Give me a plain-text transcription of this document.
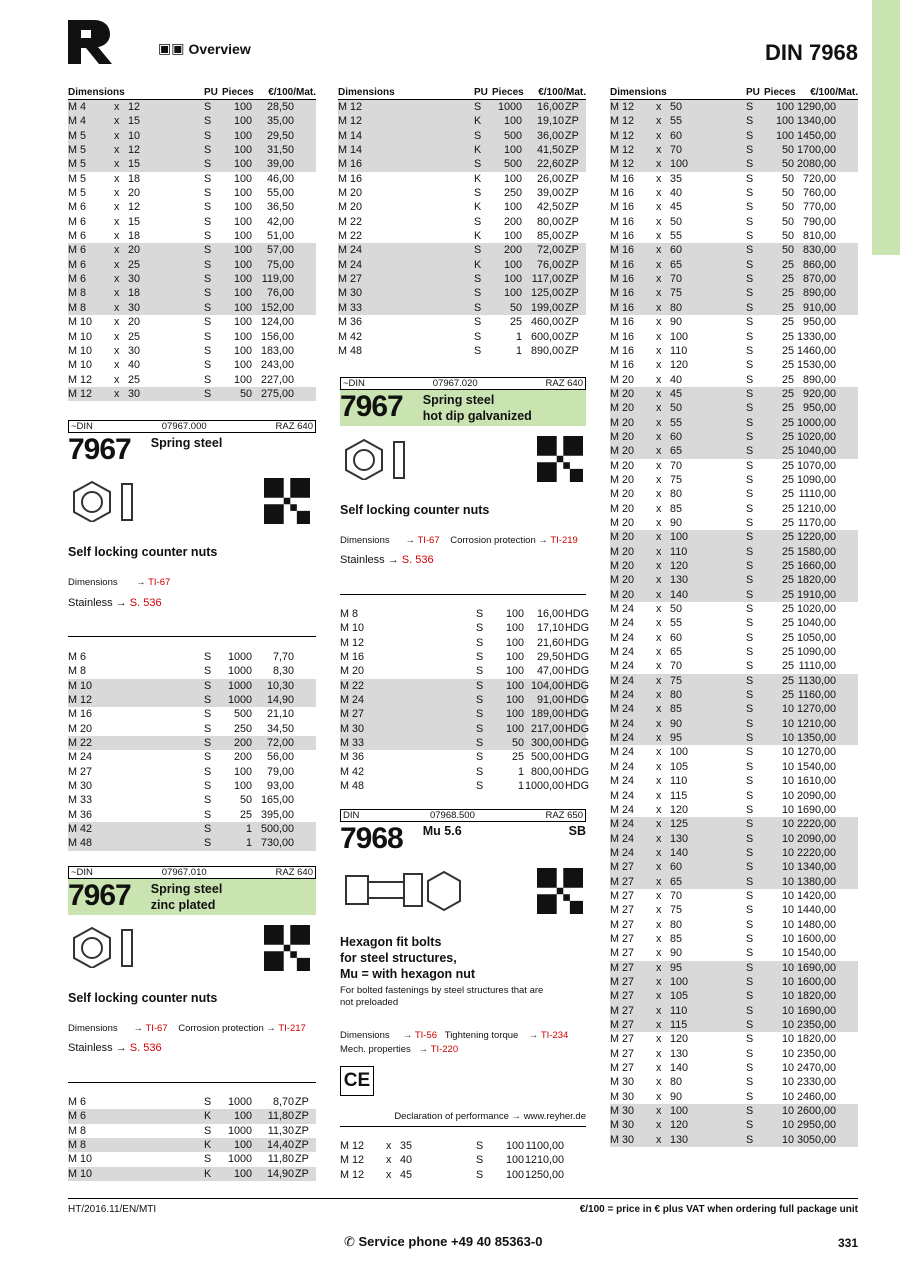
▣▣ Overview	DIN 7968
Dimensions	PU Pieces	€/100/Mat.
M 4	x 12	S	100	28,50
M 4	x 15	S	100	35,00
M 5	x 10	S	100	29,50
M 5	x 12	S	100	31,50
M 5	x 15	S	100	39,00
M 5	x 18	S	100	46,00
M 5	x 20	S	100	55,00
M 6	x 12	S	100	36,50
M 6	x 15	S	100	42,00
M 6	x 18	S	100	51,00
M 6	x 20	S	100	57,00
M 6	x 25	S	100	75,00
M 6	x 30	S	100 119,00
M 8	x 18	S	100	76,00
M 8	x 30	S	100 152,00
M 10	x 20	S	100 124,00
M 10	x 25	S	100 156,00
M 10	x 30	S	100 183,00
M 10	x 40	S	100 243,00
M 12	x 25	S	100 227,00
M 12	x 30	S	50 275,00
Dimensions	PU Pieces	€/100/Mat.
M 12	S	1000	16,00 ZP
M 12	K	100	19,10 ZP
M 14	S	500	36,00 ZP
M 14	K	100	41,50 ZP
M 16	S	500	22,60 ZP
M 16	K	100	26,00 ZP
M 20	S	250	39,00 ZP
M 20	K	100	42,50 ZP
M 22	S	200	80,00 ZP
M 22	K	100	85,00 ZP
M 24	S	200	72,00 ZP
M 24	K	100	76,00 ZP
M 27	S	100 117,00 ZP
M 30	S	100 125,00 ZP
M 33	S	50 199,00 ZP
M 36	S	25 460,00 ZP
M 42	S	1 600,00 ZP
M 48	S	1 890,00 ZP
Dimensions	PU Pieces	€/100/Mat.
M 12	x 50	S	100 1290,00
M 12	x 55	S	100 1340,00
M 12	x 60	S	100 1450,00
M 12	x 70	S	50 1700,00
M 12	x 100	S	50 2080,00
M 16	x 35	S	50 720,00
M 16	x 40	S	50 760,00
M 16	x 45	S	50 770,00
M 16	x 50	S	50 790,00
M 16	x 55	S	50 810,00
M 16	x 60	S	50 830,00
M 16	x 65	S	25 860,00
M 16	x 70	S	25 870,00
M 16	x 75	S	25 890,00
M 16	x 80	S	25 910,00
M 16	x 90	S	25 950,00
M 16	x 100	S	25 1330,00
M 16	x 110	S	25 1460,00
M 16	x 120	S	25 1530,00
M 20	x 40	S	25 890,00
M 20	x 45	S	25 920,00
M 20	x 50	S	25 950,00
M 20	x 55	S	25 1000,00
M 20	x 60	S	25 1020,00
M 20	x 65	S	25 1040,00
M 20	x 70	S	25 1070,00
M 20	x 75	S	25 1090,00
M 20	x 80	S	25 1110,00
M 20	x 85	S	25 1210,00
M 20	x 90	S	25 1170,00
M 20	x 100	S	25 1220,00
M 20	x 110	S	25 1580,00
M 20	x 120	S	25 1660,00
M 20	x 130	S	25 1820,00
M 20	x 140	S	25 1910,00
M 24	x 50	S	25 1020,00
M 24	x 55	S	25 1040,00
M 24	x 60	S	25 1050,00
M 24	x 65	S	25 1090,00
M 24	x 70	S	25 1110,00
M 24	x 75	S	25 1130,00
M 24	x 80	S	25 1160,00
M 24	x 85	S	10 1270,00
M 24	x 90	S	10 1210,00
M 24	x 95	S	10 1350,00
M 24	x 100	S	10 1270,00
M 24	x 105	S	10 1540,00
M 24	x 110	S	10 1610,00
M 24	x 115	S	10 2090,00
M 24	x 120	S	10 1690,00
M 24	x 125	S	10 2220,00
M 24	x 130	S	10 2090,00
M 24	x 140	S	10 2220,00
M 27	x 60	S	10 1340,00
M 27	x 65	S	10 1380,00
M 27	x 70	S	10 1420,00
M 27	x 75	S	10 1440,00
M 27	x 80	S	10 1480,00
M 27	x 85	S	10 1600,00
M 27	x 90	S	10 1540,00
M 27	x 95	S	10 1690,00
M 27	x 100	S	10 1600,00
M 27	x 105	S	10 1820,00
M 27	x 110	S	10 1690,00
M 27	x 115	S	10 2350,00
M 27	x 120	S	10 1820,00
M 27	x 130	S	10 2350,00
M 27	x 140	S	10 2470,00
M 30	x 80	S	10 2330,00
M 30	x 90	S	10 2460,00
M 30	x 100	S	10 2600,00
M 30	x 120	S	10 2950,00
M 30	x 130	S	10 3050,00
~DIN	07967.000	RAZ 640
7967 Spring steel
Self locking counter nuts
Dimensions → TI-67
Stainless → S. 536
M 6	S	1000	7,70
M 8	S	1000	8,30
M 10	S	1000	10,30
M 12	S	1000	14,90
M 16	S	500	21,10
M 20	S	250	34,50
M 22	S	200	72,00
M 24	S	200	56,00
M 27	S	100	79,00
M 30	S	100	93,00
M 33	S	50 165,00
M 36	S	25 395,00
M 42	S	1 500,00
M 48	S	1 730,00
~DIN	07967.010	RAZ 640
7967 Spring steel
zinc plated
Self locking counter nuts
Dimensions      → TI-67 Corrosion protection → TI-217
Stainless → S. 536
M 6	S	1000	8,70 ZP
M 6	K	100	11,80 ZP
M 8	S	1000	11,30 ZP
M 8	K	100	14,40 ZP
M 10	S	1000	11,80 ZP
M 10	K	100	14,90 ZP
~DIN	07967.020	RAZ 640
7967 Spring steel
hot dip galvanized
Self locking counter nuts
Dimensions      → TI-67 Corrosion protection → TI-219
Stainless → S. 536
M 8	S	100	16,00 HDG
M 10	S	100	17,10 HDG
M 12	S	100	21,60 HDG
M 16	S	100	29,50 HDG
M 20	S	100	47,00 HDG
M 22	S	100 104,00 HDG
M 24	S	100	91,00 HDG
M 27	S	100 189,00 HDG
M 30	S	100 217,00 HDG
M 33	S	50 300,00 HDG
M 36	S	25 500,00 HDG
M 42	S	1 800,00 HDG
M 48	S	1 1000,00 HDG
DIN	07968.500	RAZ 650
7968 Mu 5.6	SB
Hexagon fit bolts
for steel structures,
Mu = with hexagon nut
For bolted fastenings by steel structures that are
not preloaded
Dimensions     → TI-56 Tightening torque    → TI-234
Mech. properties   → TI-220
CE
Declaration of performance → www.reyher.de
M 12	x 35	S	100 1100,00
M 12	x 40	S	100 1210,00
M 12	x 45	S	100 1250,00
HT/2016.11/EN/MTI	€/100 = price in € plus VAT when ordering full package unit
✆ Service phone +49 40 85363-0	331
